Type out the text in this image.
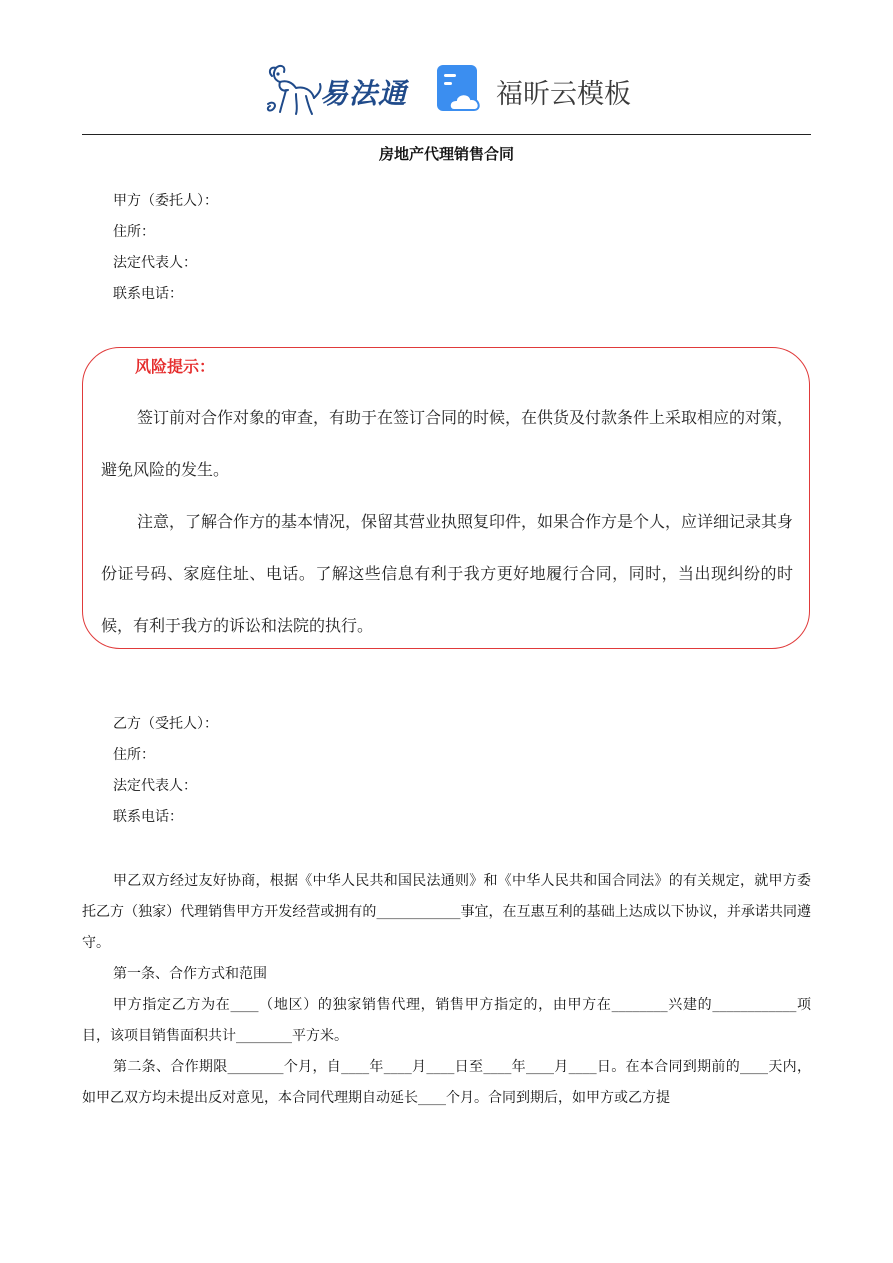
易法通	福昕云模板
房地产代理销售合同
甲方（委托人）：
住所：
法定代表人：
联系电话：
风险提示：

签订前对合作对象的审查，有助于在签订合同的时候，在供货及付款条件上采取相应的对策，避免风险的发生。

注意，了解合作方的基本情况，保留其营业执照复印件，如果合作方是个人，应详细记录其身份证号码、家庭住址、电话。了解这些信息有利于我方更好地履行合同，同时，当出现纠纷的时候，有利于我方的诉讼和法院的执行。

乙方（受托人）：
住所：
法定代表人：
联系电话：

甲乙双方经过友好协商，根据《中华人民共和国民法通则》和《中华人民共和国合同法》的有关规定，就甲方委托乙方（独家）代理销售甲方开发经营或拥有的____________事宜，在互惠互利的基础上达成以下协议，并承诺共同遵守。

第一条、合作方式和范围

甲方指定乙方为在____（地区）的独家销售代理，销售甲方指定的，由甲方在________兴建的____________项目，该项目销售面积共计________平方米。

第二条、合作期限________个月，自____年____月____日至____年____月____日。在本合同到期前的____天内，如甲乙双方均未提出反对意见，本合同代理期自动延长____个月。合同到期后，如甲方或乙方提
